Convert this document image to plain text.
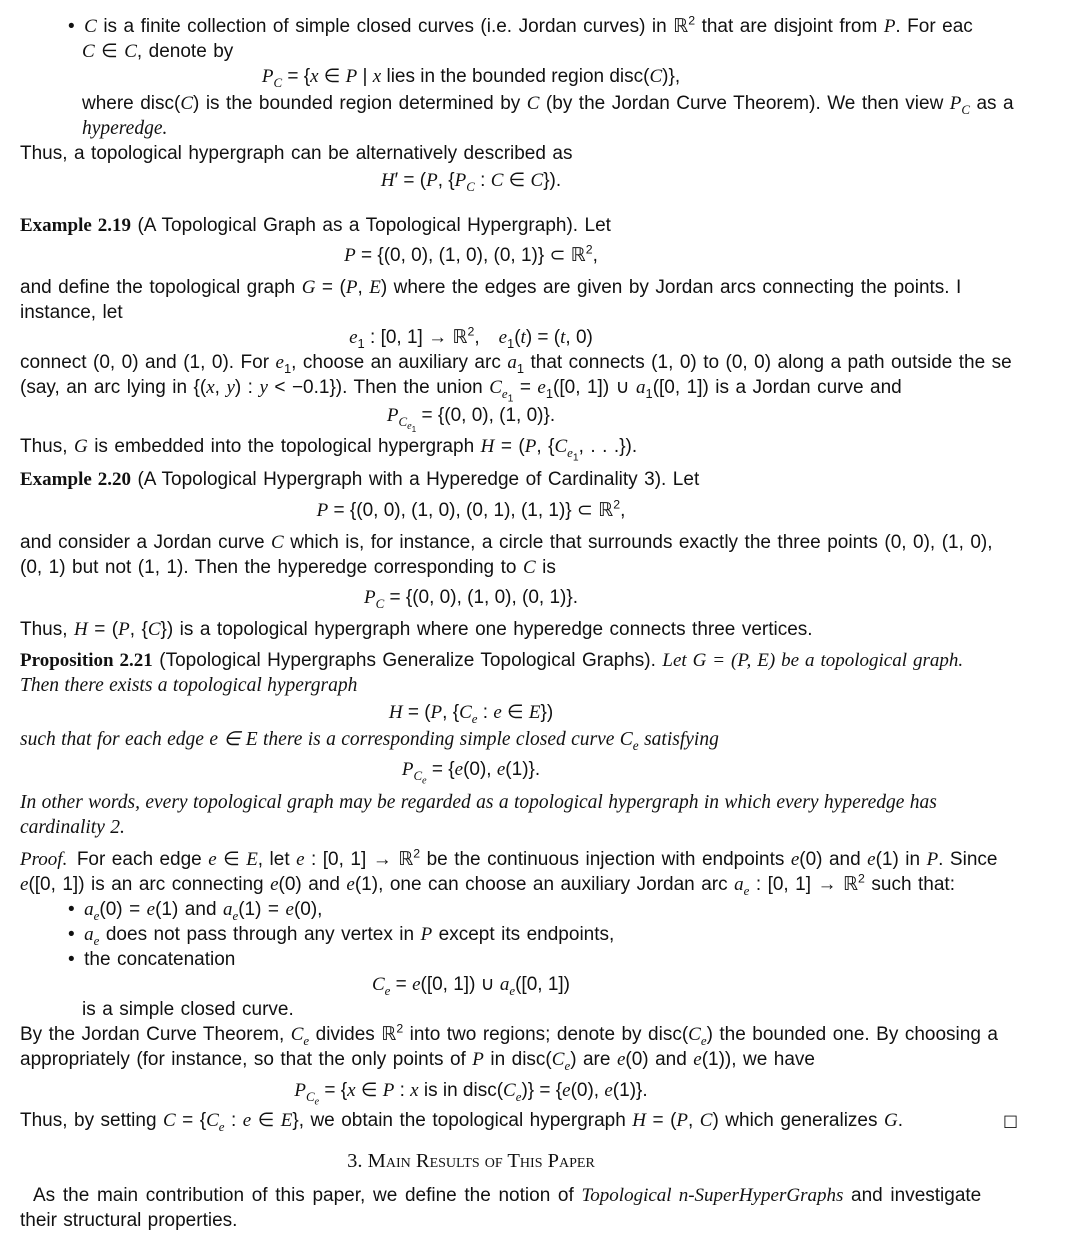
• C is a finite collection of simple closed curves (i.e. Jordan curves) in ℝ$^2$ that are disjoint from P. For eac
C ∈ C, denote by
$P_C = \{x$ ∈ P | x lies in the bounded region disc(C)},
where disc(C) is the bounded region determined by C (by the Jordan Curve Theorem). We then view $P_C$ as a
hyperedge.
Thus, a topological hypergraph can be alternatively described as
H′ = (P, {$P_C$ : C ∈ C}).
Example 2.19 (A Topological Graph as a Topological Hypergraph). Let
P = {(0, 0), (1, 0), (0, 1)} ⊂ ℝ$^2$,
and define the topological graph G = (P, E) where the edges are given by Jordan arcs connecting the points. I
instance, let
$e_1$ : [0, 1] → ℝ$^2$,  $e_1(t) = (t$, 0)
connect (0, 0) and (1, 0). For $e_1$, choose an auxiliary arc $a_1$ that connects (1, 0) to (0, 0) along a path outside the se
(say, an arc lying in {(x, y) : y < −0.1}). Then the union $C_{e_1} = e_1([0$, 1]) ∪ $a_1([0$, 1]) is a Jordan curve and
$P_{C_{e_1}} = \{(0$, 0), (1, 0)}.
Thus, G is embedded into the topological hypergraph H = (P, {$C_{e_1}$, . . .}).
Example 2.20 (A Topological Hypergraph with a Hyperedge of Cardinality 3). Let
P = {(0, 0), (1, 0), (0, 1), (1, 1)} ⊂ ℝ$^2$,
and consider a Jordan curve C which is, for instance, a circle that surrounds exactly the three points (0, 0), (1, 0),
(0, 1) but not (1, 1). Then the hyperedge corresponding to C is
$P_C = \{(0$, 0), (1, 0), (0, 1)}.
Thus, H = (P, {C}) is a topological hypergraph where one hyperedge connects three vertices.
Proposition 2.21 (Topological Hypergraphs Generalize Topological Graphs). Let G = (P, E) be a topological graph.
Then there exists a topological hypergraph
H = (P, {$C_e$ : e ∈ E})
such that for each edge e ∈ E there is a corresponding simple closed curve $C_e$ satisfying
$P_{C_e} = \{e(0)$, e(1)}.
In other words, every topological graph may be regarded as a topological hypergraph in which every hyperedge has
cardinality 2.
Proof. For each edge e ∈ E, let e : [0, 1] → ℝ$^2$ be the continuous injection with endpoints e(0) and e(1) in P. Since
e([0, 1]) is an arc connecting e(0) and e(1), one can choose an auxiliary Jordan arc $a_e$ : [0, 1] → ℝ$^2$ such that:
• $a_e(0) = e(1)$ and $a_e(1) = e(0)$,
• $a_e$ does not pass through any vertex in P except its endpoints,
• the concatenation
$C_e = e([0$, 1]) ∪ $a_e([0$, 1])
is a simple closed curve.
By the Jordan Curve Theorem, $C_e$ divides ℝ$^2$ into two regions; denote by $disc(C_e)$ the bounded one. By choosing a
appropriately (for instance, so that the only points of P in $disc(C_e)$ are e(0) and e(1)), we have
$P_{C_e} = \{x$ ∈ P : x is in $disc(C_e)\} = \{e(0)$, e(1)}.
Thus, by setting $C = \{C_e$ : e ∈ E}, we obtain the topological hypergraph H = (P, C) which generalizes G.	□
3. Main Results of This Paper
As the main contribution of this paper, we define the notion of Topological n-SuperHyperGraphs and investigate
their structural properties.
